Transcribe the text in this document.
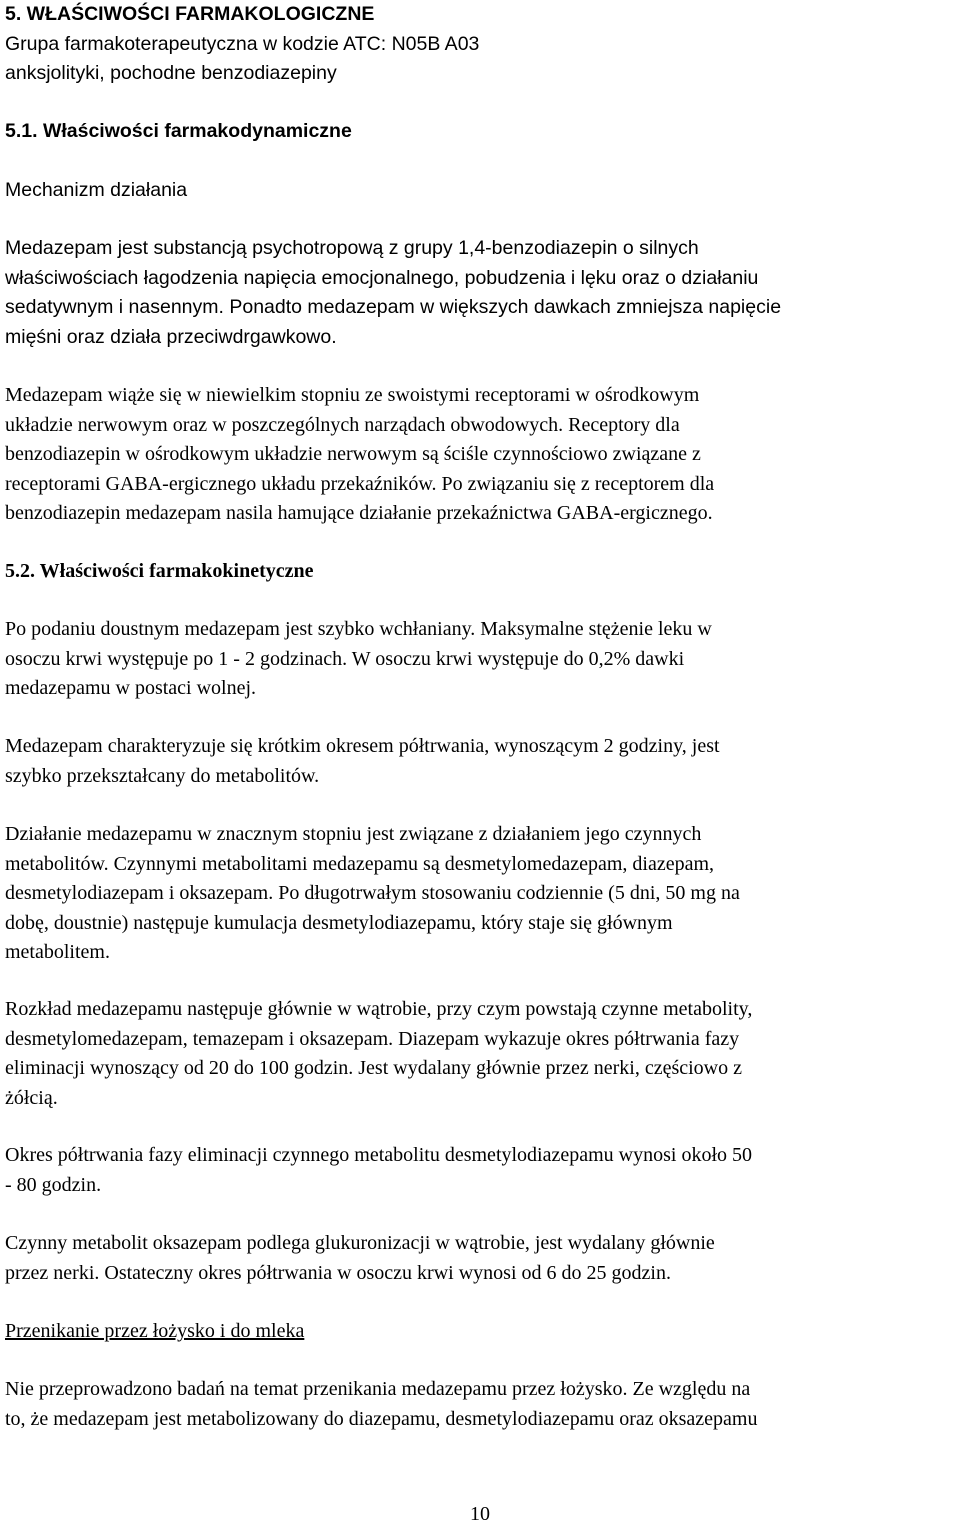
5. WŁAŚCIWOŚCI FARMAKOLOGICZNE
Grupa farmakoterapeutyczna w kodzie ATC: N05B A03
anksjolityki, pochodne benzodiazepiny
5.1. Właściwości farmakodynamiczne
Mechanizm działania
Medazepam jest substancją psychotropową z grupy 1,4-benzodiazepin o silnych
właściwościach łagodzenia napięcia emocjonalnego, pobudzenia i lęku oraz o działaniu
sedatywnym i nasennym. Ponadto medazepam w większych dawkach zmniejsza napięcie
mięśni oraz działa przeciwdrgawkowo.
Medazepam wiąże się w niewielkim stopniu ze swoistymi receptorami w ośrodkowym
układzie nerwowym oraz w poszczególnych narządach obwodowych. Receptory dla
benzodiazepin w ośrodkowym układzie nerwowym są ściśle czynnościowo związane z
receptorami GABA-ergicznego układu przekaźników. Po związaniu się z receptorem dla
benzodiazepin medazepam nasila hamujące działanie przekaźnictwa GABA-ergicznego.
5.2. Właściwości farmakokinetyczne
Po podaniu doustnym medazepam jest szybko wchłaniany. Maksymalne stężenie leku w
osoczu krwi występuje po 1 - 2 godzinach. W osoczu krwi występuje do 0,2% dawki
medazepamu w postaci wolnej.
Medazepam charakteryzuje się krótkim okresem półtrwania, wynoszącym 2 godziny, jest
szybko przekształcany do metabolitów.
Działanie medazepamu w znacznym stopniu jest związane z działaniem jego czynnych
metabolitów. Czynnymi metabolitami medazepamu są desmetylomedazepam, diazepam,
desmetylodiazepam i oksazepam. Po długotrwałym stosowaniu codziennie (5 dni, 50 mg na
dobę, doustnie) następuje kumulacja desmetylodiazepamu, który staje się głównym
metabolitem.
Rozkład medazepamu następuje głównie w wątrobie, przy czym powstają czynne metabolity,
desmetylomedazepam, temazepam i oksazepam. Diazepam wykazuje okres półtrwania fazy
eliminacji wynoszący od 20 do 100 godzin. Jest wydalany głównie przez nerki, częściowo z
żółcią.
Okres półtrwania fazy eliminacji czynnego metabolitu desmetylodiazepamu wynosi około 50
- 80 godzin.
Czynny metabolit oksazepam podlega glukuronizacji w wątrobie, jest wydalany głównie
przez nerki. Ostateczny okres półtrwania w osoczu krwi wynosi od 6 do 25 godzin.
Przenikanie przez łożysko i do mleka
Nie przeprowadzono badań na temat przenikania medazepamu przez łożysko. Ze względu na
to, że medazepam jest metabolizowany do diazepamu, desmetylodiazepamu oraz oksazepamu
10
